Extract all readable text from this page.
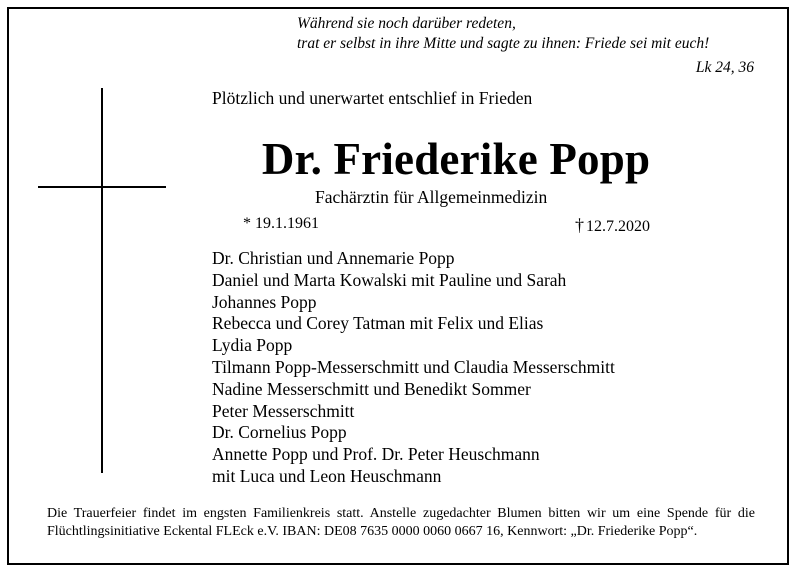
Während sie noch darüber redeten,
trat er selbst in ihre Mitte und sagte zu ihnen: Friede sei mit euch!
Lk 24, 36
Plötzlich und unerwartet entschlief in Frieden
Dr. Friederike Popp
Fachärztin für Allgemeinmedizin
* 19.1.1961	† 12.7.2020
Dr. Christian und Annemarie Popp
Daniel und Marta Kowalski mit Pauline und Sarah
Johannes Popp
Rebecca und Corey Tatman mit Felix und Elias
Lydia Popp
Tilmann Popp-Messerschmitt und Claudia Messerschmitt
Nadine Messerschmitt und Benedikt Sommer
Peter Messerschmitt
Dr. Cornelius Popp
Annette Popp und Prof. Dr. Peter Heuschmann
mit Luca und Leon Heuschmann
Die Trauerfeier findet im engsten Familienkreis statt. Anstelle zugedachter Blumen bitten wir um eine Spende für die Flüchtlingsinitiative Eckental FLEck e.V. IBAN: DE08 7635 0000 0060 0667 16, Kennwort: „Dr. Friederike Popp“.
